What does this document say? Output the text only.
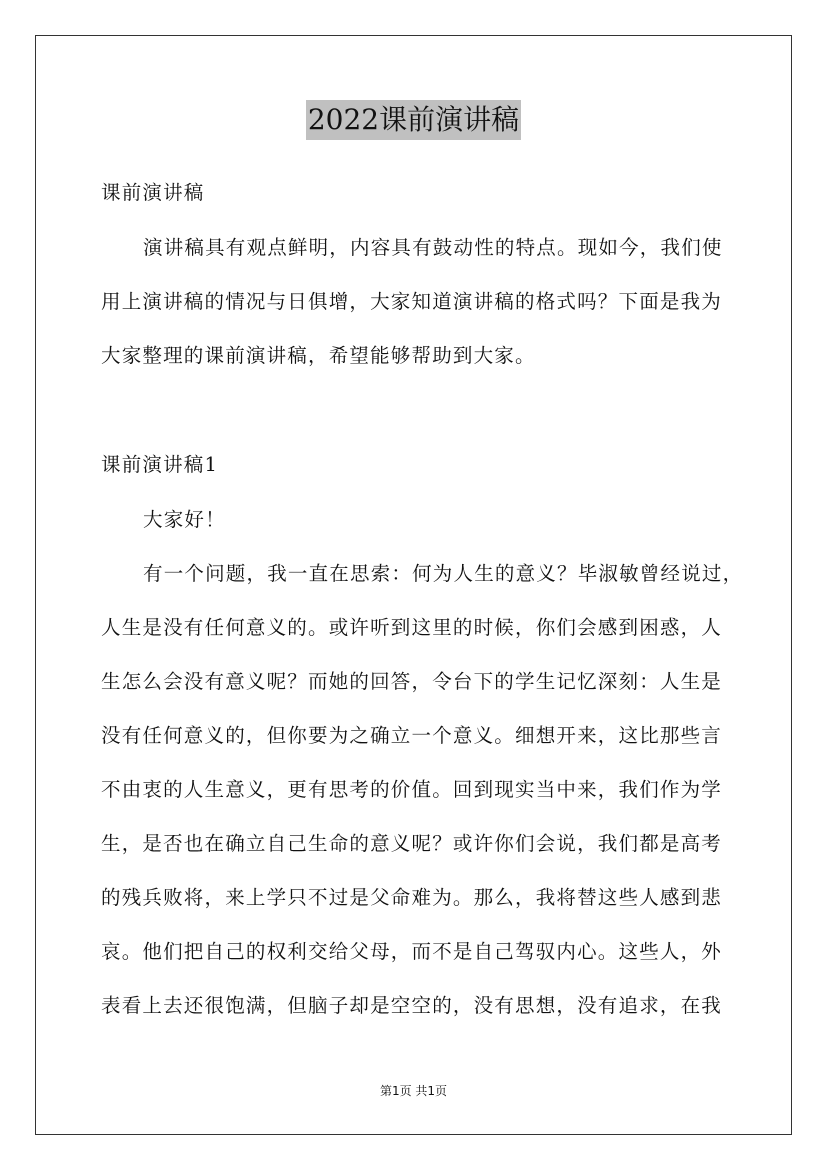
2022课前演讲稿
课前演讲稿
演讲稿具有观点鲜明，内容具有鼓动性的特点。现如今，我们使
用上演讲稿的情况与日俱增，大家知道演讲稿的格式吗？下面是我为
大家整理的课前演讲稿，希望能够帮助到大家。
课前演讲稿1
大家好！
有一个问题，我一直在思索：何为人生的意义？毕淑敏曾经说过，
人生是没有任何意义的。或许听到这里的时候，你们会感到困惑，人
生怎么会没有意义呢？而她的回答，令台下的学生记忆深刻：人生是
没有任何意义的，但你要为之确立一个意义。细想开来，这比那些言
不由衷的人生意义，更有思考的价值。回到现实当中来，我们作为学
生，是否也在确立自己生命的意义呢？或许你们会说，我们都是高考
的残兵败将，来上学只不过是父命难为。那么，我将替这些人感到悲
哀。他们把自己的权利交给父母，而不是自己驾驭内心。这些人，外
表看上去还很饱满，但脑子却是空空的，没有思想，没有追求，在我
第1页 共1页
